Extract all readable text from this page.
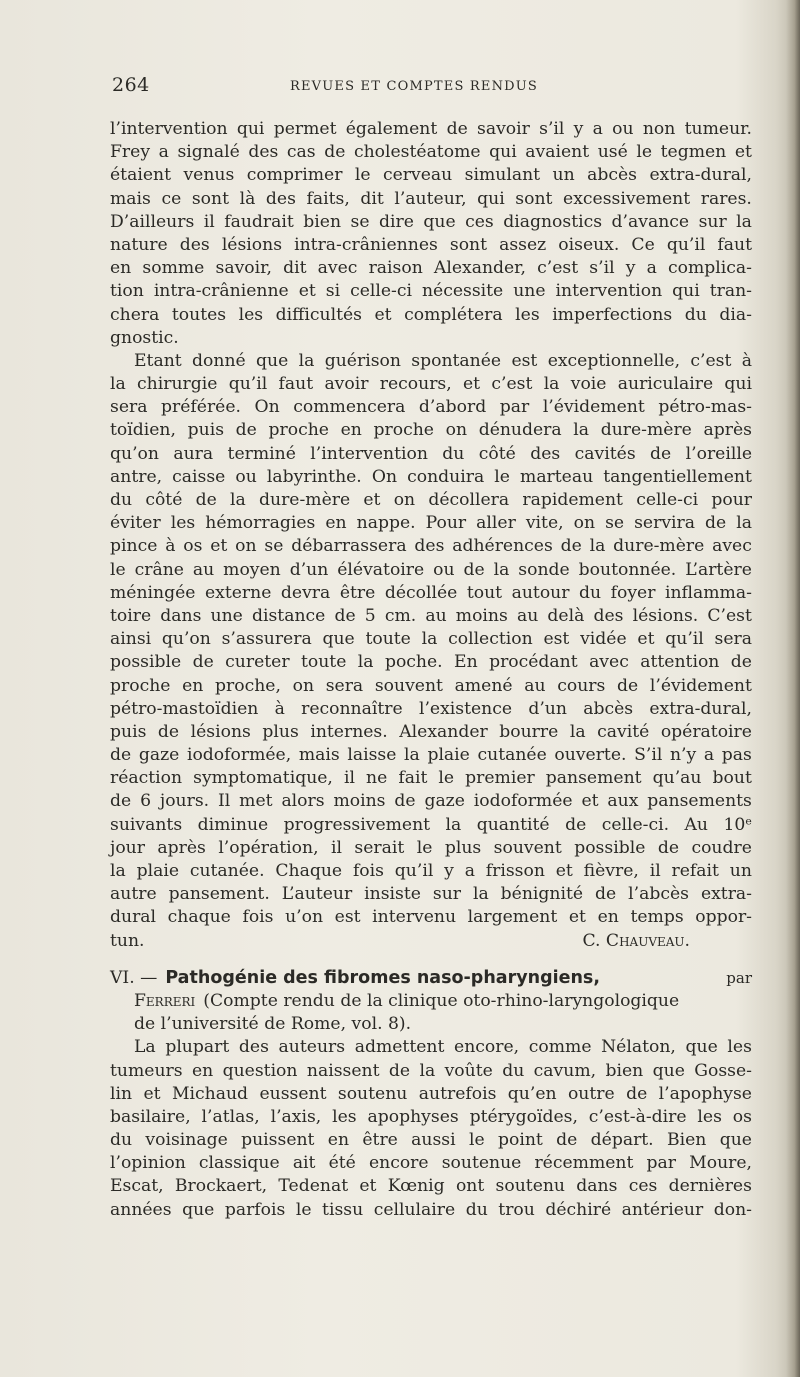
264	REVUES ET COMPTES RENDUS
l’intervention qui permet également de savoir s’il y a ou non tumeur.
Frey a signalé des cas de cholestéatome qui avaient usé le tegmen et
étaient venus comprimer le cerveau simulant un abcès extra-dural,
mais ce sont là des faits, dit l’auteur, qui sont excessivement rares.
D’ailleurs il faudrait bien se dire que ces diagnostics d’avance sur la
nature des lésions intra-crâniennes sont assez oiseux. Ce qu’il faut
en somme savoir, dit avec raison Alexander, c’est s’il y a complica-
tion intra-crânienne et si celle-ci nécessite une intervention qui tran-
chera toutes les difficultés et complétera les imperfections du dia-
gnostic.
Etant donné que la guérison spontanée est exceptionnelle, c’est à
la chirurgie qu’il faut avoir recours, et c’est la voie auriculaire qui
sera préférée. On commencera d’abord par l’évidement pétro-mas-
toïdien, puis de proche en proche on dénudera la dure-mère après
qu’on aura terminé l’intervention du côté des cavités de l’oreille
antre, caisse ou labyrinthe. On conduira le marteau tangentiellement
du côté de la dure-mère et on décollera rapidement celle-ci pour
éviter les hémorragies en nappe. Pour aller vite, on se servira de la
pince à os et on se débarrassera des adhérences de la dure-mère avec
le crâne au moyen d’un élévatoire ou de la sonde boutonnée. L’artère
méningée externe devra être décollée tout autour du foyer inflamma-
toire dans une distance de 5 cm. au moins au delà des lésions. C’est
ainsi qu’on s’assurera que toute la collection est vidée et qu’il sera
possible de cureter toute la poche. En procédant avec attention de
proche en proche, on sera souvent amené au cours de l’évidement
pétro-mastoïdien à reconnaître l’existence d’un abcès extra-dural,
puis de lésions plus internes. Alexander bourre la cavité opératoire
de gaze iodoformée, mais laisse la plaie cutanée ouverte. S’il n’y a pas
réaction symptomatique, il ne fait le premier pansement qu’au bout
de 6 jours. Il met alors moins de gaze iodoformée et aux pansements
suivants diminue progressivement la quantité de celle-ci. Au 10ᵉ
jour après l’opération, il serait le plus souvent possible de coudre
la plaie cutanée. Chaque fois qu’il y a frisson et fièvre, il refait un
autre pansement. L’auteur insiste sur la bénignité de l’abcès extra-
dural chaque fois u’on est intervenu largement et en temps oppor-
tun.	C. Chauveau.
VI. — Pathogénie des fibromes naso-pharyngiens,	par
Ferreri (Compte rendu de la clinique oto-rhino-laryngologique
de l’université de Rome, vol. 8).
La plupart des auteurs admettent encore, comme Nélaton, que les
tumeurs en question naissent de la voûte du cavum, bien que Gosse-
lin et Michaud eussent soutenu autrefois qu’en outre de l’apophyse
basilaire, l’atlas, l’axis, les apophyses ptérygoïdes, c’est-à-dire les os
du voisinage puissent en être aussi le point de départ. Bien que
l’opinion classique ait été encore soutenue récemment par Moure,
Escat, Brockaert, Tedenat et Kœnig ont soutenu dans ces dernières
années que parfois le tissu cellulaire du trou déchiré antérieur don-
